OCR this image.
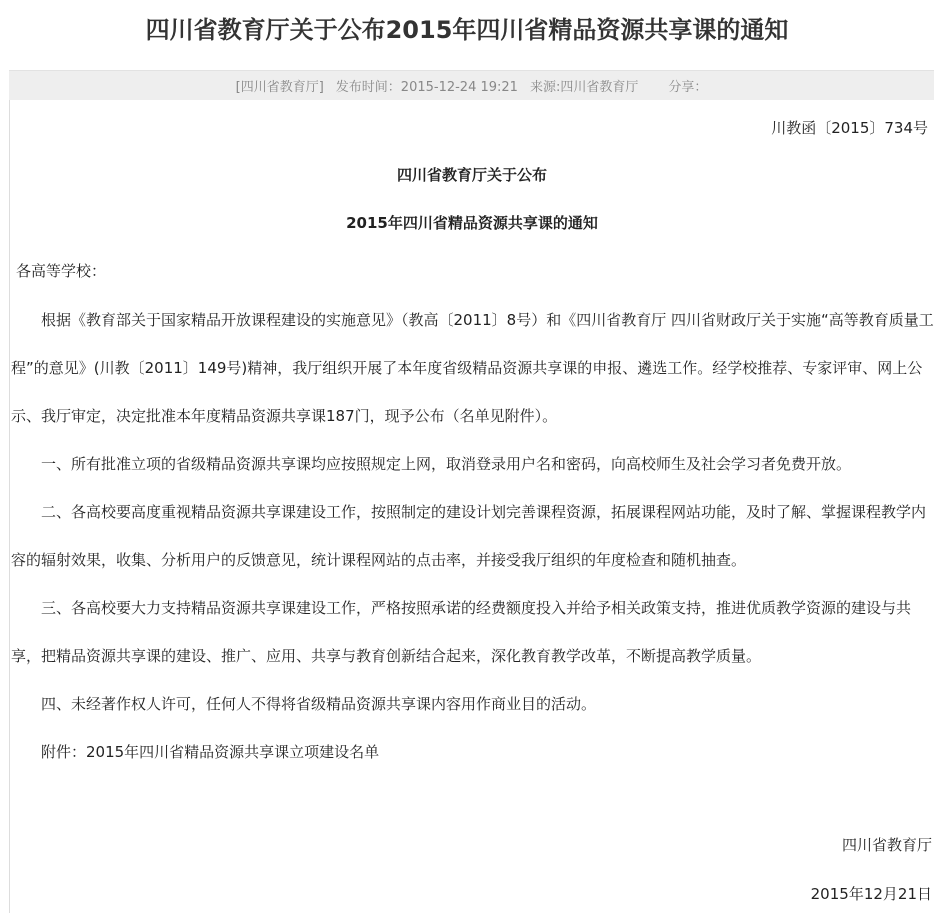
四川省教育厅关于公布2015年四川省精品资源共享课的通知
[四川省教育厅] 发布时间：2015-12-24 19:21 来源:四川省教育厅 分享：
川教函〔2015〕734号
四川省教育厅关于公布
2015年四川省精品资源共享课的通知
各高等学校：

根据《教育部关于国家精品开放课程建设的实施意见》（教高〔2011〕8号）和《四川省教育厅 四川省财政厅关于实施“高等教育质量工程”的意见》(川教〔2011〕149号)精神，我厅组织开展了本年度省级精品资源共享课的申报、遴选工作。经学校推荐、专家评审、网上公示、我厅审定，决定批准本年度精品资源共享课187门，现予公布（名单见附件）。

一、所有批准立项的省级精品资源共享课均应按照规定上网，取消登录用户名和密码，向高校师生及社会学习者免费开放。

二、各高校要高度重视精品资源共享课建设工作，按照制定的建设计划完善课程资源，拓展课程网站功能，及时了解、掌握课程教学内容的辐射效果，收集、分析用户的反馈意见，统计课程网站的点击率，并接受我厅组织的年度检查和随机抽查。

三、各高校要大力支持精品资源共享课建设工作，严格按照承诺的经费额度投入并给予相关政策支持，推进优质教学资源的建设与共享，把精品资源共享课的建设、推广、应用、共享与教育创新结合起来，深化教育教学改革，不断提高教学质量。

四、未经著作权人许可，任何人不得将省级精品资源共享课内容用作商业目的活动。

附件：2015年四川省精品资源共享课立项建设名单

四川省教育厅
2015年12月21日
